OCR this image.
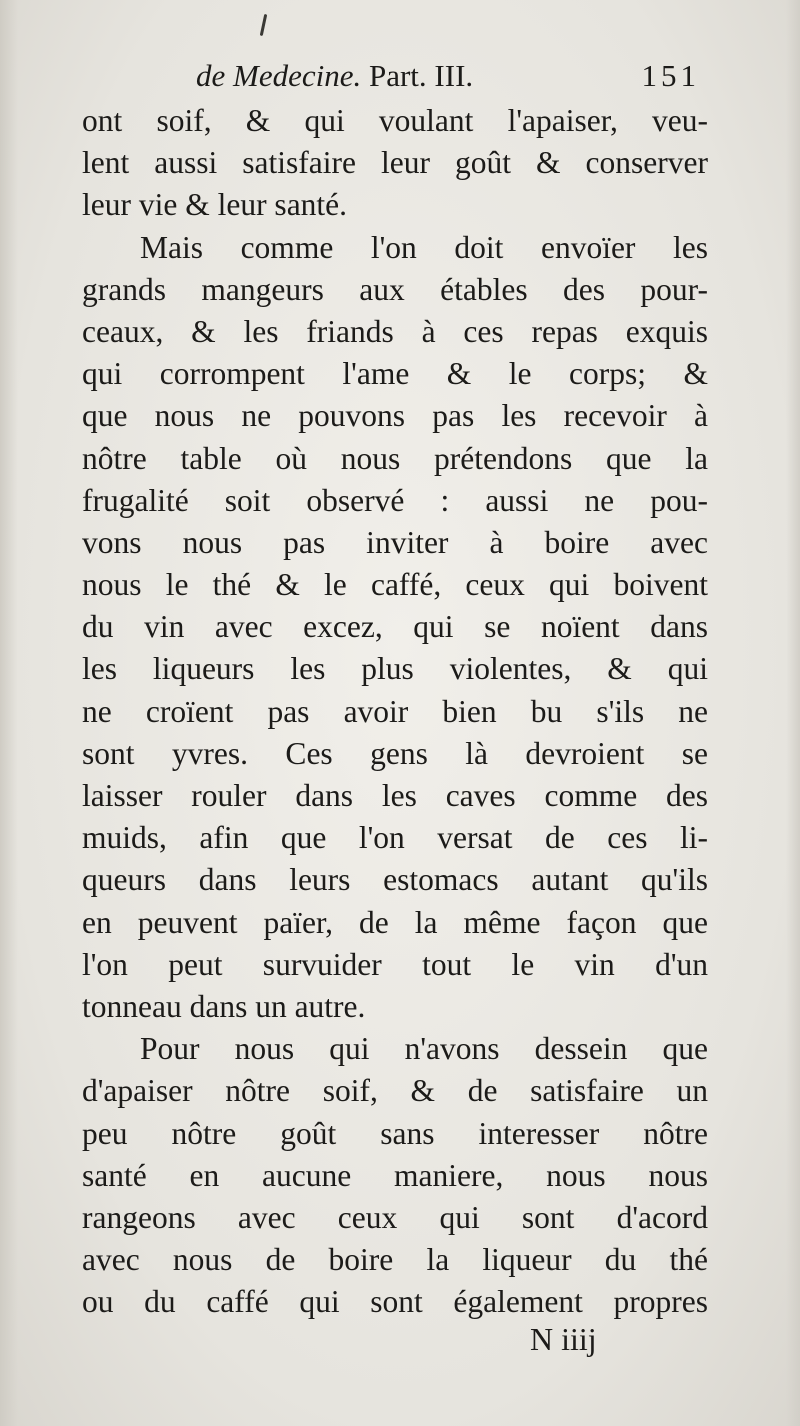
de Medecine. Part. III.	151
ont soif, & qui voulant l'apaiser, veu-
lent aussi satisfaire leur goût & conserver
leur vie & leur santé.
Mais comme l'on doit envoïer les
grands mangeurs aux étables des pour-
ceaux, & les friands à ces repas exquis
qui corrompent l'ame & le corps; &
que nous ne pouvons pas les recevoir à
nôtre table où nous prétendons que la
frugalité soit observé : aussi ne pou-
vons nous pas inviter à boire avec
nous le thé & le caffé, ceux qui boivent
du vin avec excez, qui se noïent dans
les liqueurs les plus violentes, & qui
ne croïent pas avoir bien bu s'ils ne
sont yvres. Ces gens là devroient se
laisser rouler dans les caves comme des
muids, afin que l'on versat de ces li-
queurs dans leurs estomacs autant qu'ils
en peuvent païer, de la même façon que
l'on peut survuider tout le vin d'un
tonneau dans un autre.
Pour nous qui n'avons dessein que
d'apaiser nôtre soif, & de satisfaire un
peu nôtre goût sans interesser nôtre
santé en aucune maniere, nous nous
rangeons avec ceux qui sont d'acord
avec nous de boire la liqueur du thé
ou du caffé qui sont également propres
N iiij
